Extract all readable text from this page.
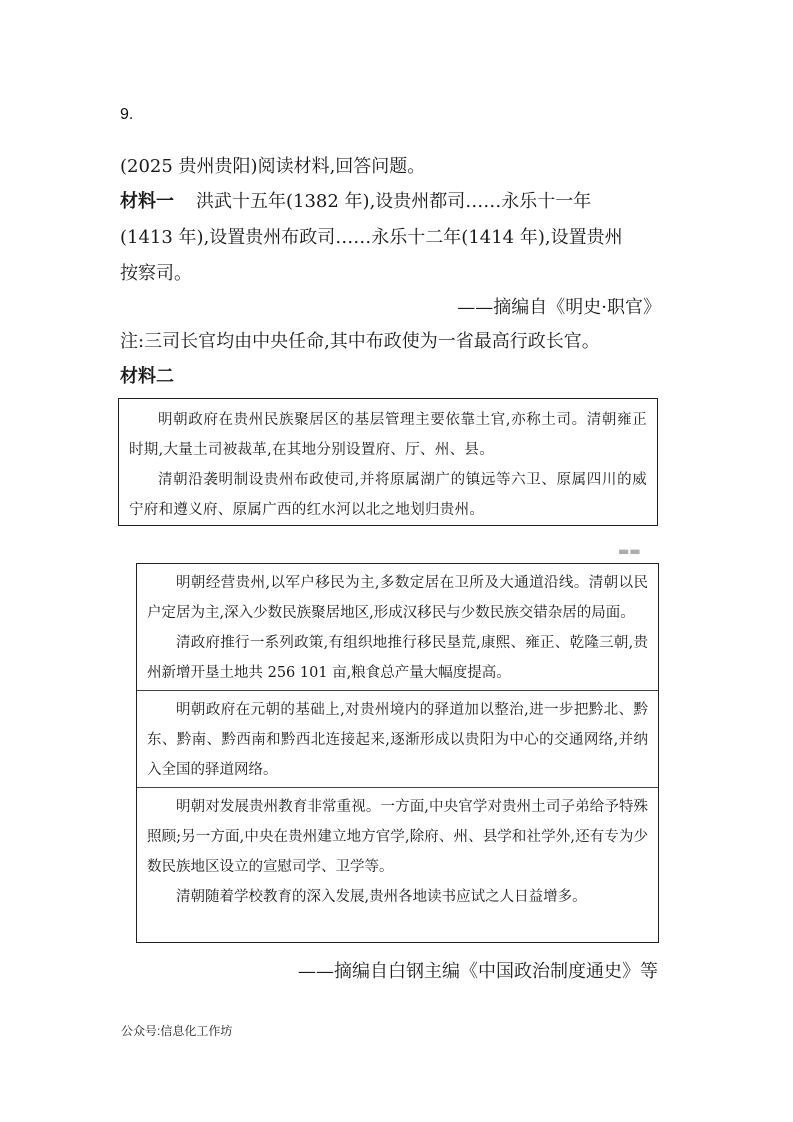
9.
(2025 贵州贵阳)阅读材料,回答问题。
材料一 洪武十五年(1382 年),设贵州都司……永乐十一年
(1413 年),设置贵州布政司……永乐十二年(1414 年),设置贵州
按察司。
——摘编自《明史·职官》
注:三司长官均由中央任命,其中布政使为一省最高行政长官。
材料二

明朝政府在贵州民族聚居区的基层管理主要依靠土官,亦称土司。清朝雍正时期,大量土司被裁革,在其地分别设置府、厅、州、县。

清朝沿袭明制设贵州布政使司,并将原属湖广的镇远等六卫、原属四川的威宁府和遵义府、原属广西的红水河以北之地划归贵州。

▬▬

明朝经营贵州,以军户移民为主,多数定居在卫所及大通道沿线。清朝以民户定居为主,深入少数民族聚居地区,形成汉移民与少数民族交错杂居的局面。

清政府推行一系列政策,有组织地推行移民垦荒,康熙、雍正、乾隆三朝,贵州新增开垦土地共 256 101 亩,粮食总产量大幅度提高。

明朝政府在元朝的基础上,对贵州境内的驿道加以整治,进一步把黔北、黔东、黔南、黔西南和黔西北连接起来,逐渐形成以贵阳为中心的交通网络,并纳入全国的驿道网络。

明朝对发展贵州教育非常重视。一方面,中央官学对贵州土司子弟给予特殊照顾;另一方面,中央在贵州建立地方官学,除府、州、县学和社学外,还有专为少数民族地区设立的宣慰司学、卫学等。

清朝随着学校教育的深入发展,贵州各地读书应试之人日益增多。

——摘编自白钢主编《中国政治制度通史》等
公众号:信息化工作坊
